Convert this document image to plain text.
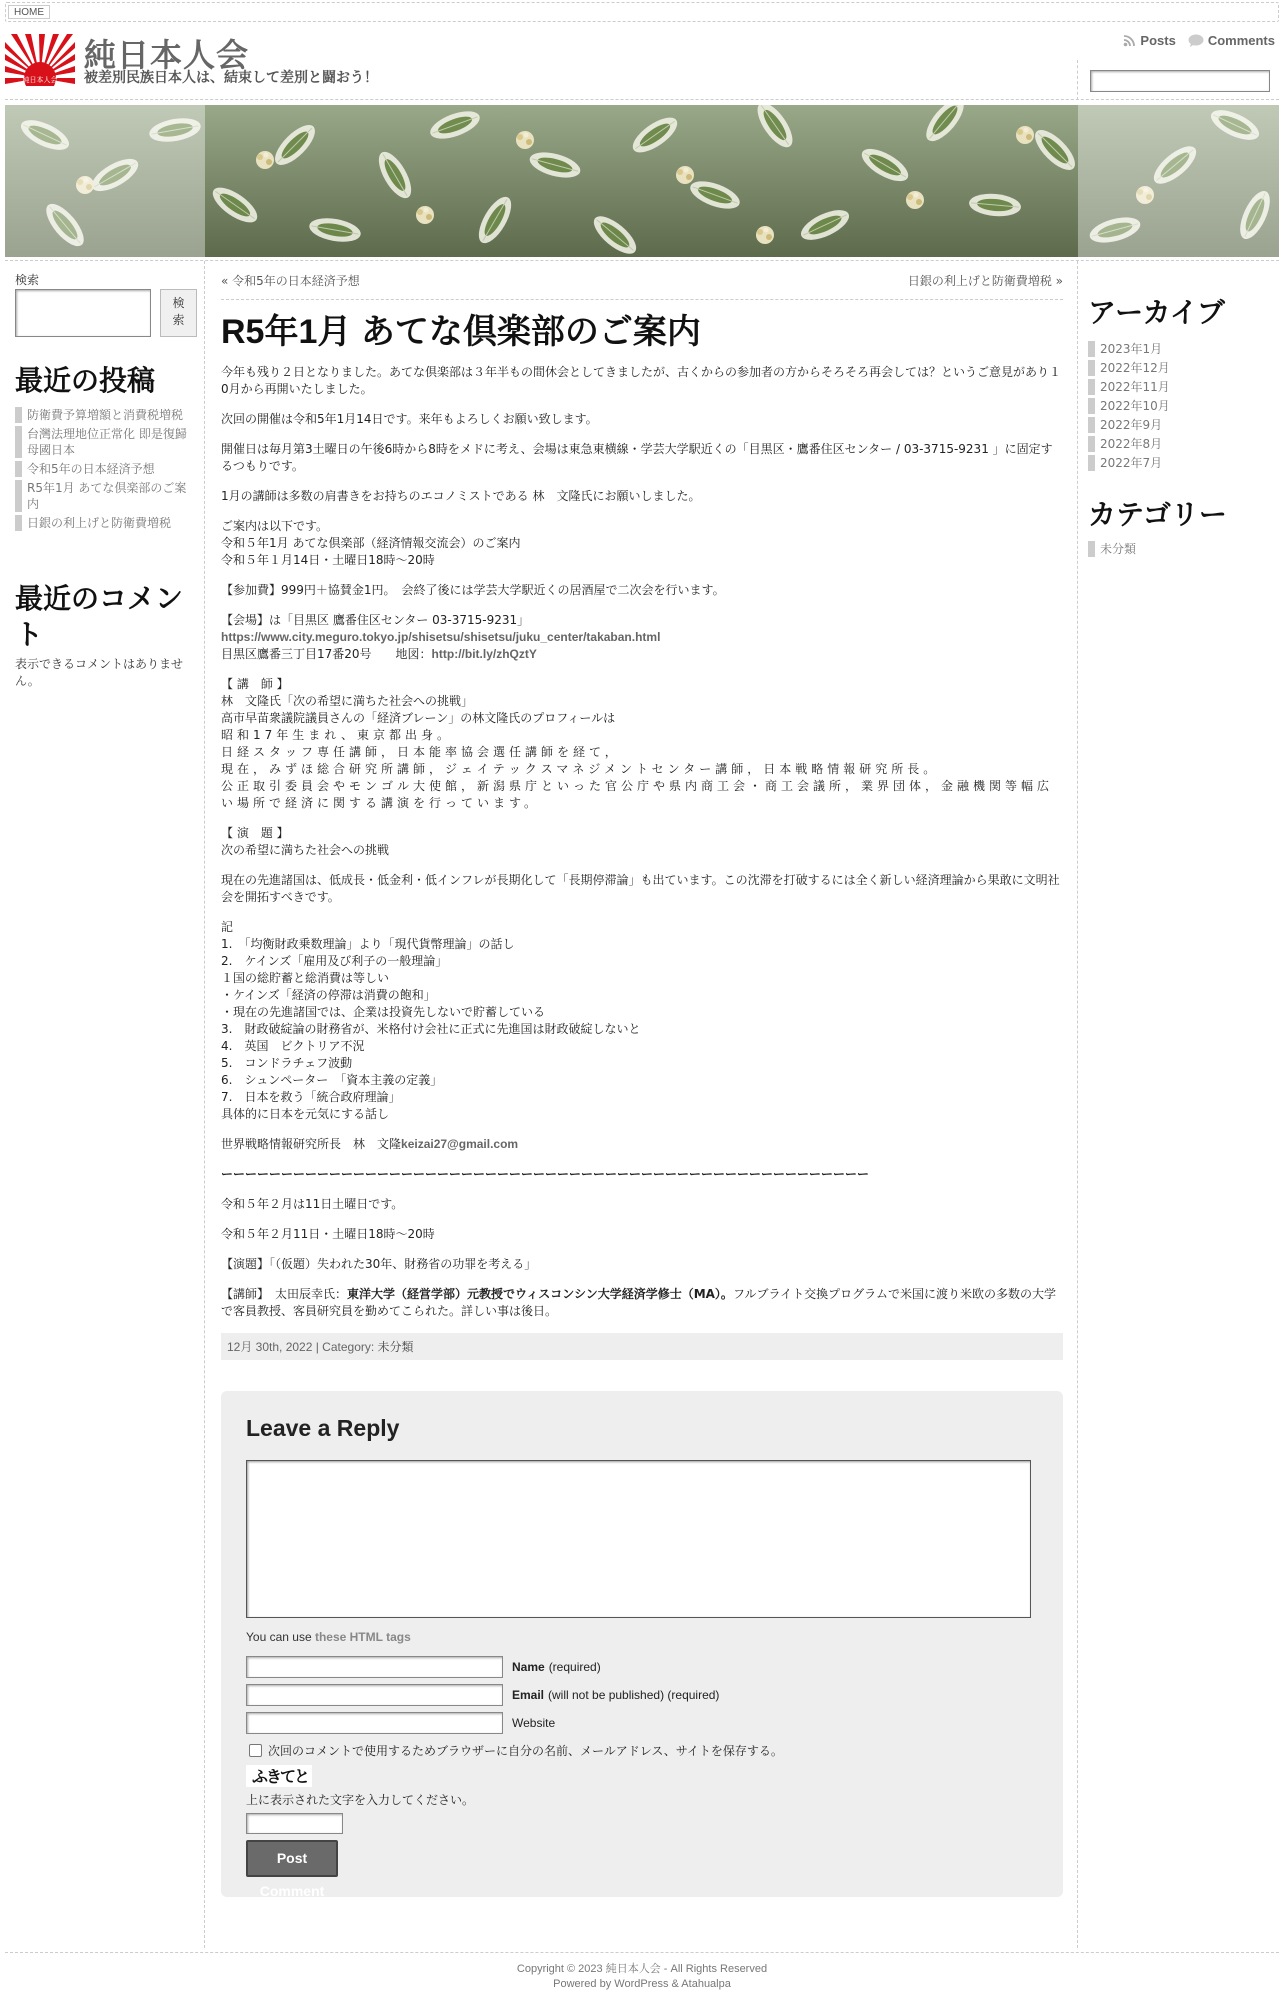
HOME
純日本人会
純日本人会
被差別民族日本人は、結束して差別と闘おう！
Posts Comments
検索
検索
最近の投稿
防衛費予算増額と消費税増税
台灣法理地位正常化 即是復歸母國日本
令和5年の日本経済予想
R5年1月 あてな倶楽部のご案内
日銀の利上げと防衛費増税
最近のコメント
表示できるコメントはありません。
アーカイブ
2023年1月
2022年12月
2022年11月
2022年10月
2022年9月
2022年8月
2022年7月
カテゴリー
未分類
« 令和5年の日本経済予想	日銀の利上げと防衛費増税 »
R5年1月 あてな倶楽部のご案内

今年も残り２日となりました。あてな倶楽部は３年半もの間休会としてきましたが、古くからの参加者の方からそろそろ再会しては？というご意見があり１0月から再開いたしました。

次回の開催は令和5年1月14日です。来年もよろしくお願い致します。

開催日は毎月第3土曜日の午後6時から8時をメドに考え、会場は東急東横線・学芸大学駅近くの「目黒区・鷹番住区センター / 03-3715-9231 」に固定するつもりです。

1月の講師は多数の肩書きをお持ちのエコノミストである 林　文隆氏にお願いしました。

ご案内は以下です。
令和５年1月 あてな倶楽部（経済情報交流会）のご案内
令和５年１月14日・土曜日18時～20時

【参加費】999円＋協賛金1円。　会終了後には学芸大学駅近くの居酒屋で二次会を行います。

【会場】は「目黒区 鷹番住区センター 03-3715-9231」
https://www.city.meguro.tokyo.jp/shisetsu/shisetsu/juku_center/takaban.html
目黒区鷹番三丁目17番20号　　地図：http://bit.ly/zhQztY

【 講　師 】
林　文隆氏「次の希望に満ちた社会への挑戦」
高市早苗衆議院議員さんの「経済ブレーン」の林文隆氏のプロフィールは
昭和17年生まれ、東京都出身。
日経スタッフ専任講師，日本能率協会選任講師を経て，
現在，みずほ総合研究所講師，ジェイテックスマネジメントセンター講師，日本戦略情報研究所長。
公正取引委員会やモンゴル大使館，新潟県庁といった官公庁や県内商工会・商工会議所，業界団体，金融機関等幅広い場所で経済に関する講演を行っています。

【 演　題 】
次の希望に満ちた社会への挑戦

現在の先進諸国は、低成長・低金利・低インフレが長期化して「長期停滞論」も出ています。この沈滞を打破するには全く新しい経済理論から果敢に文明社会を開拓すべきです。

記
1.　「均衡財政乗数理論」より「現代貨幣理論」の話し
2.　ケインズ「雇用及び利子の一般理論」
１国の総貯蓄と総消費は等しい
・ケインズ「経済の停滞は消費の飽和」
・現在の先進諸国では、企業は投資先しないで貯蓄している
3.　財政破綻論の財務省が、米格付け会社に正式に先進国は財政破綻しないと
4.　英国　ビクトリア不況
5.　コンドラチェフ波動
6.　シュンペーター　「資本主義の定義」
7.　日本を救う「統合政府理論」
具体的に日本を元気にする話し

世界戦略情報研究所長　林　文隆keizai27@gmail.com

ーーーーーーーーーーーーーーーーーーーーーーーーーーーーーーーーーーーーーーーーーーーーーーーーーーーーーー

令和５年２月は11日土曜日です。

令和５年２月11日・土曜日18時～20時

【演題】「（仮題）失われた30年、財務省の功罪を考える」

【講師】　太田辰幸氏：東洋大学（経営学部）元教授でウィスコンシン大学経済学修士（MA）。フルブライト交換プログラムで米国に渡り米欧の多数の大学で客員教授、客員研究員を勤めてこられた。詳しい事は後日。

12月 30th, 2022 | Category: 未分類
Leave a Reply
You can use these HTML tags
Name (required)
Email (will not be published) (required)
Website
次回のコメントで使用するためブラウザーに自分の名前、メールアドレス、サイトを保存する。
ふきてと
上に表示された文字を入力してください。
Post Comment
Copyright © 2023 純日本人会 - All Rights Reserved
Powered by WordPress & Atahualpa
